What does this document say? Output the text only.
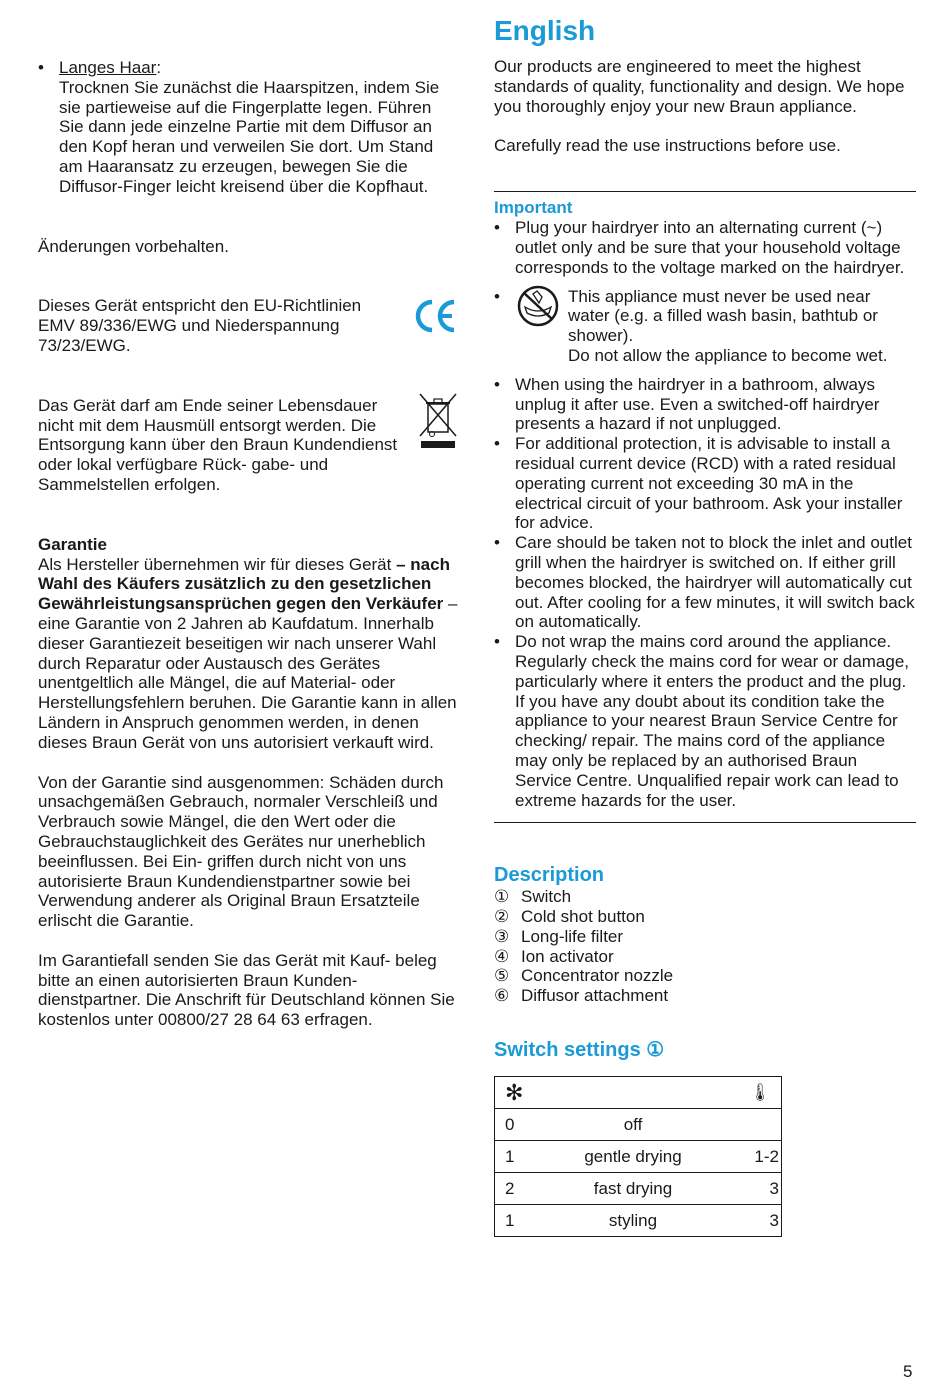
• Langes Haar:

Trocknen Sie zunächst die Haarspitzen, indem Sie sie partieweise auf die Fingerplatte legen. Führen Sie dann jede einzelne Partie mit dem Diffusor an den Kopf heran und verweilen Sie dort. Um Stand am Haaransatz zu erzeugen, bewegen Sie die Diffusor-Finger leicht kreisend über die Kopfhaut.

Änderungen vorbehalten.

Dieses Gerät entspricht den EU-Richtlinien EMV 89/336/EWG und Niederspannung 73/23/EWG.

Das Gerät darf am Ende seiner Lebensdauer nicht mit dem Hausmüll entsorgt werden. Die Entsorgung kann über den Braun Kundendienst oder lokal verfügbare Rück- gabe- und Sammelstellen erfolgen.

Garantie

Als Hersteller übernehmen wir für dieses Gerät – nach Wahl des Käufers zusätzlich zu den gesetzlichen Gewährleistungsansprüchen gegen den Verkäufer – eine Garantie von 2 Jahren ab Kaufdatum. Innerhalb dieser Garantiezeit beseitigen wir nach unserer Wahl durch Reparatur oder Austausch des Gerätes unentgeltlich alle Mängel, die auf Material- oder Herstellungsfehlern beruhen. Die Garantie kann in allen Ländern in Anspruch genommen werden, in denen dieses Braun Gerät von uns autorisiert verkauft wird.

Von der Garantie sind ausgenommen: Schäden durch unsachgemäßen Gebrauch, normaler Verschleiß und Verbrauch sowie Mängel, die den Wert oder die Gebrauchstauglichkeit des Gerätes nur unerheblich beeinflussen. Bei Ein- griffen durch nicht von uns autorisierte Braun Kundendienstpartner sowie bei Verwendung anderer als Original Braun Ersatzteile erlischt die Garantie.

Im Garantiefall senden Sie das Gerät mit Kauf- beleg bitte an einen autorisierten Braun Kunden- dienstpartner. Die Anschrift für Deutschland können Sie kostenlos unter 00800/27 28 64 63 erfragen.

English

Our products are engineered to meet the highest standards of quality, functionality and design. We hope you thoroughly enjoy your new Braun appliance.

Carefully read the use instructions before use.

Important

• Plug your hairdryer into an alternating current (~) outlet only and be sure that your household voltage corresponds to the voltage marked on the hairdryer.

• This appliance must never be used near water (e.g. a filled wash basin, bathtub or shower).

Do not allow the appliance to become wet.

• When using the hairdryer in a bathroom, always unplug it after use. Even a switched-off hairdryer presents a hazard if not unplugged.

• For additional protection, it is advisable to install a residual current device (RCD) with a rated residual operating current not exceeding 30 mA in the electrical circuit of your bathroom. Ask your installer for advice.

• Care should be taken not to block the inlet and outlet grill when the hairdryer is switched on. If either grill becomes blocked, the hairdryer will automatically cut out. After cooling for a few minutes, it will switch back on automatically.

• Do not wrap the mains cord around the appliance. Regularly check the mains cord for wear or damage, particularly where it enters the product and the plug. If you have any doubt about its condition take the appliance to your nearest Braun Service Centre for checking/ repair. The mains cord of the appliance may only be replaced by an authorised Braun Service Centre. Unqualified repair work can lead to extreme hazards for the user.

Description
① Switch
② Cold shot button
③ Long-life filter
④ Ion activator
⑤ Concentrator nozzle
⑥ Diffusor attachment
Switch settings ①
✻		🌡
0	off	
1	gentle drying	1-2
2	fast drying	3
1	styling	3
5
